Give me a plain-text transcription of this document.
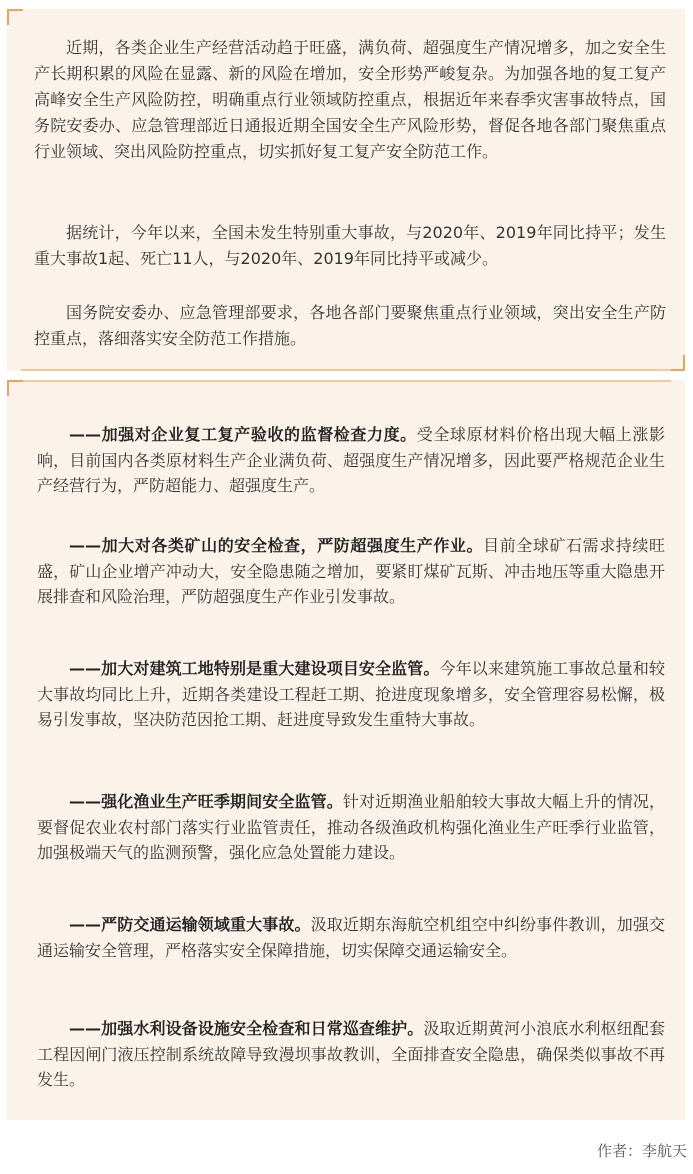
近期，各类企业生产经营活动趋于旺盛，满负荷、超强度生产情况增多，加之安全生产长期积累的风险在显露、新的风险在增加，安全形势严峻复杂。为加强各地的复工复产高峰安全生产风险防控，明确重点行业领域防控重点，根据近年来春季灾害事故特点，国务院安委办、应急管理部近日通报近期全国安全生产风险形势，督促各地各部门聚焦重点行业领域、突出风险防控重点，切实抓好复工复产安全防范工作。

据统计，今年以来，全国未发生特别重大事故，与2020年、2019年同比持平；发生重大事故1起、死亡11人，与2020年、2019年同比持平或减少。

国务院安委办、应急管理部要求，各地各部门要聚焦重点行业领域，突出安全生产防控重点，落细落实安全防范工作措施。

——加强对企业复工复产验收的监督检查力度。受全球原材料价格出现大幅上涨影响，目前国内各类原材料生产企业满负荷、超强度生产情况增多，因此要严格规范企业生产经营行为，严防超能力、超强度生产。

——加大对各类矿山的安全检查，严防超强度生产作业。目前全球矿石需求持续旺盛，矿山企业增产冲动大，安全隐患随之增加，要紧盯煤矿瓦斯、冲击地压等重大隐患开展排查和风险治理，严防超强度生产作业引发事故。

——加大对建筑工地特别是重大建设项目安全监管。今年以来建筑施工事故总量和较大事故均同比上升，近期各类建设工程赶工期、抢进度现象增多，安全管理容易松懈，极易引发事故，坚决防范因抢工期、赶进度导致发生重特大事故。

——强化渔业生产旺季期间安全监管。针对近期渔业船舶较大事故大幅上升的情况，要督促农业农村部门落实行业监管责任，推动各级渔政机构强化渔业生产旺季行业监管，加强极端天气的监测预警，强化应急处置能力建设。

——严防交通运输领域重大事故。汲取近期东海航空机组空中纠纷事件教训，加强交通运输安全管理，严格落实安全保障措施，切实保障交通运输安全。

——加强水利设备设施安全检查和日常巡查维护。汲取近期黄河小浪底水利枢纽配套工程因闸门液压控制系统故障导致漫坝事故教训，全面排查安全隐患，确保类似事故不再发生。

作者：李航天
